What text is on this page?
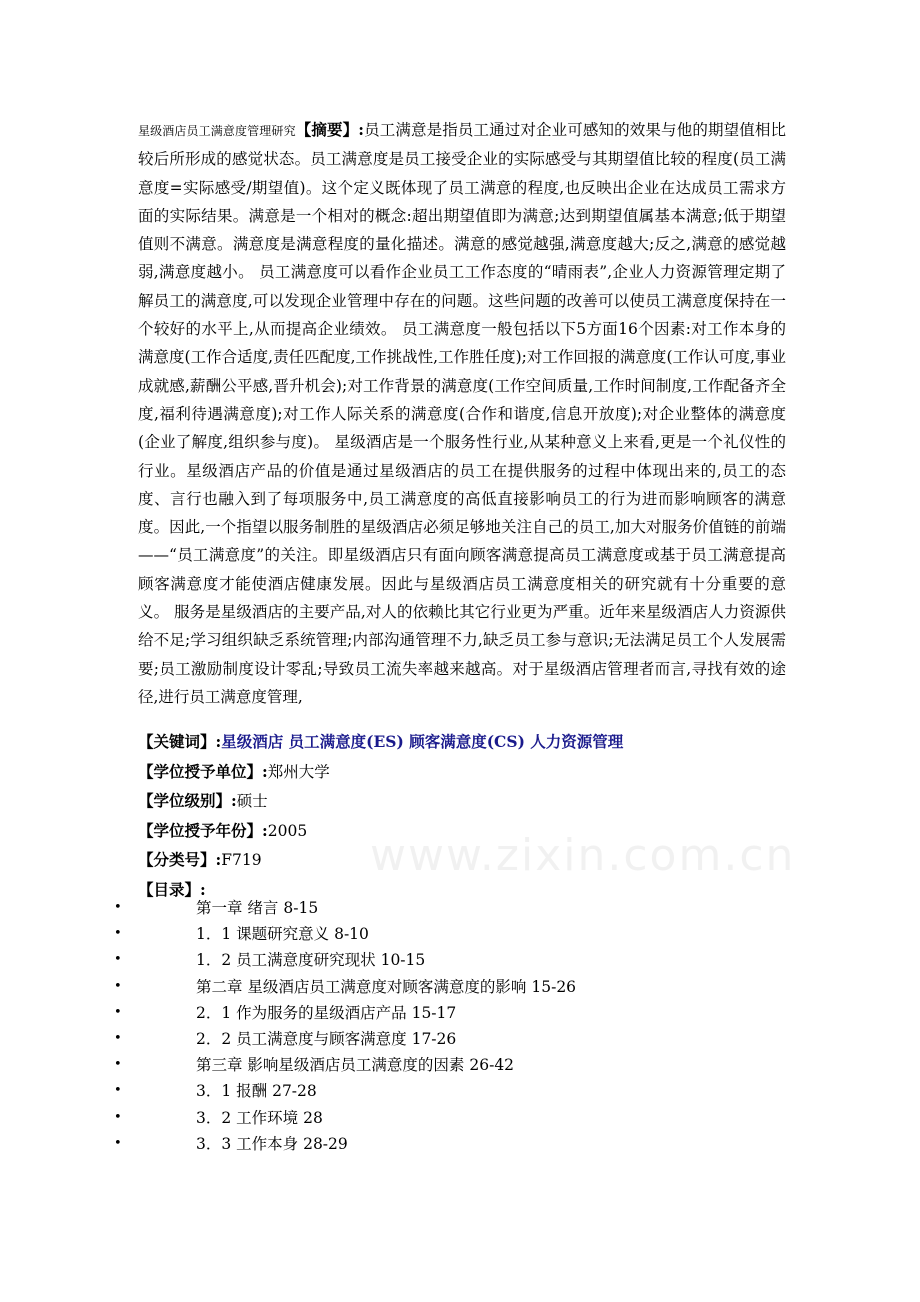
www.zixin.com.cn
星级酒店员工满意度管理研究【摘要】:员工满意是指员工通过对企业可感知的效果与他的期望值相比较后所形成的感觉状态。员工满意度是员工接受企业的实际感受与其期望值比较的程度(员工满意度=实际感受/期望值)。这个定义既体现了员工满意的程度,也反映出企业在达成员工需求方面的实际结果。满意是一个相对的概念:超出期望值即为满意;达到期望值属基本满意;低于期望值则不满意。满意度是满意程度的量化描述。满意的感觉越强,满意度越大;反之,满意的感觉越弱,满意度越小。 员工满意度可以看作企业员工工作态度的“晴雨表”,企业人力资源管理定期了解员工的满意度,可以发现企业管理中存在的问题。这些问题的改善可以使员工满意度保持在一个较好的水平上,从而提高企业绩效。 员工满意度一般包括以下5方面16个因素:对工作本身的满意度(工作合适度,责任匹配度,工作挑战性,工作胜任度);对工作回报的满意度(工作认可度,事业成就感,薪酬公平感,晋升机会);对工作背景的满意度(工作空间质量,工作时间制度,工作配备齐全度,福利待遇满意度);对工作人际关系的满意度(合作和谐度,信息开放度);对企业整体的满意度(企业了解度,组织参与度)。 星级酒店是一个服务性行业,从某种意义上来看,更是一个礼仪性的行业。星级酒店产品的价值是通过星级酒店的员工在提供服务的过程中体现出来的,员工的态度、言行也融入到了每项服务中,员工满意度的高低直接影响员工的行为进而影响顾客的满意度。因此,一个指望以服务制胜的星级酒店必须足够地关注自己的员工,加大对服务价值链的前端——“员工满意度”的关注。即星级酒店只有面向顾客满意提高员工满意度或基于员工满意提高顾客满意度才能使酒店健康发展。因此与星级酒店员工满意度相关的研究就有十分重要的意义。 服务是星级酒店的主要产品,对人的依赖比其它行业更为严重。近年来星级酒店人力资源供给不足;学习组织缺乏系统管理;内部沟通管理不力,缺乏员工参与意识;无法满足员工个人发展需要;员工激励制度设计零乱;导致员工流失率越来越高。对于星级酒店管理者而言,寻找有效的途径,进行员工满意度管理,
【关键词】:星级酒店 员工满意度(ES) 顾客满意度(CS) 人力资源管理
【学位授予单位】:郑州大学
【学位级别】:硕士
【学位授予年份】:2005
【分类号】:F719
【目录】:
•	第一章 绪言 8-15
•	1．1 课题研究意义 8-10
•	1．2 员工满意度研究现状 10-15
•	第二章 星级酒店员工满意度对顾客满意度的影响 15-26
•	2．1 作为服务的星级酒店产品 15-17
•	2．2 员工满意度与顾客满意度 17-26
•	第三章 影响星级酒店员工满意度的因素 26-42
•	3．1 报酬 27-28
•	3．2 工作环境 28
•	3．3 工作本身 28-29
